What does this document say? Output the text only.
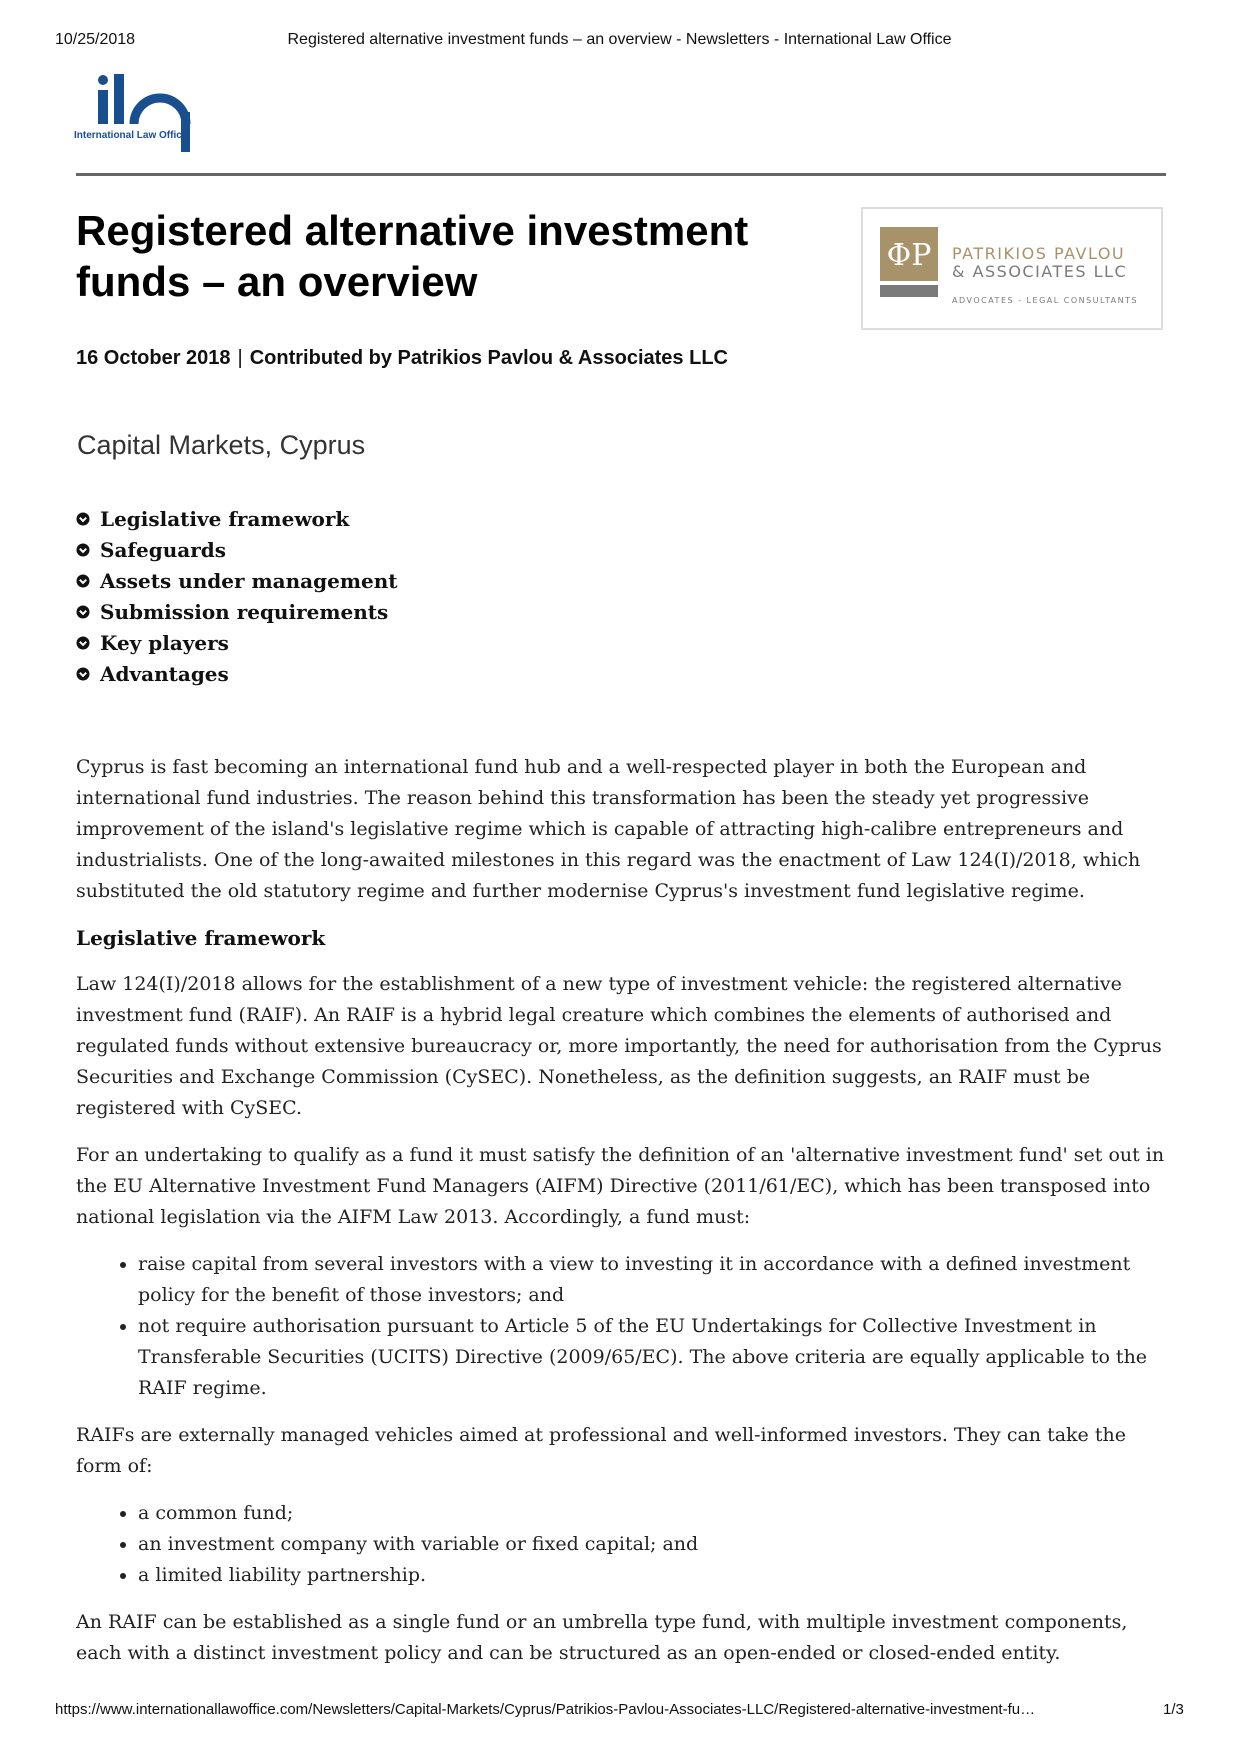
10/25/2018	Registered alternative investment funds – an overview - Newsletters - International Law Office
International Law Office
Registered alternative investment funds – an overview
ΦP PATRIKIOS PAVLOU
& ASSOCIATES LLC
ADVOCATES - LEGAL CONSULTANTS
16 October 2018 | Contributed by Patrikios Pavlou & Associates LLC
Capital Markets, Cyprus
Legislative framework
Safeguards
Assets under management
Submission requirements
Key players
Advantages

Cyprus is fast becoming an international fund hub and a well-respected player in both the European and international fund industries. The reason behind this transformation has been the steady yet progressive improvement of the island's legislative regime which is capable of attracting high-calibre entrepreneurs and industrialists. One of the long-awaited milestones in this regard was the enactment of Law 124(I)/2018, which substituted the old statutory regime and further modernise Cyprus's investment fund legislative regime.

Legislative framework

Law 124(I)/2018 allows for the establishment of a new type of investment vehicle: the registered alternative investment fund (RAIF). An RAIF is a hybrid legal creature which combines the elements of authorised and regulated funds without extensive bureaucracy or, more importantly, the need for authorisation from the Cyprus Securities and Exchange Commission (CySEC). Nonetheless, as the definition suggests, an RAIF must be registered with CySEC.

For an undertaking to qualify as a fund it must satisfy the definition of an 'alternative investment fund' set out in the EU Alternative Investment Fund Managers (AIFM) Directive (2011/61/EC), which has been transposed into national legislation via the AIFM Law 2013. Accordingly, a fund must:

• raise capital from several investors with a view to investing it in accordance with a defined investment policy for the benefit of those investors; and
• not require authorisation pursuant to Article 5 of the EU Undertakings for Collective Investment in Transferable Securities (UCITS) Directive (2009/65/EC). The above criteria are equally applicable to the RAIF regime.

RAIFs are externally managed vehicles aimed at professional and well-informed investors. They can take the form of:

• a common fund;
• an investment company with variable or fixed capital; and
• a limited liability partnership.

An RAIF can be established as a single fund or an umbrella type fund, with multiple investment components, each with a distinct investment policy and can be structured as an open-ended or closed-ended entity.

https://www.internationallawoffice.com/Newsletters/Capital-Markets/Cyprus/Patrikios-Pavlou-Associates-LLC/Registered-alternative-investment-fu…	1/3
